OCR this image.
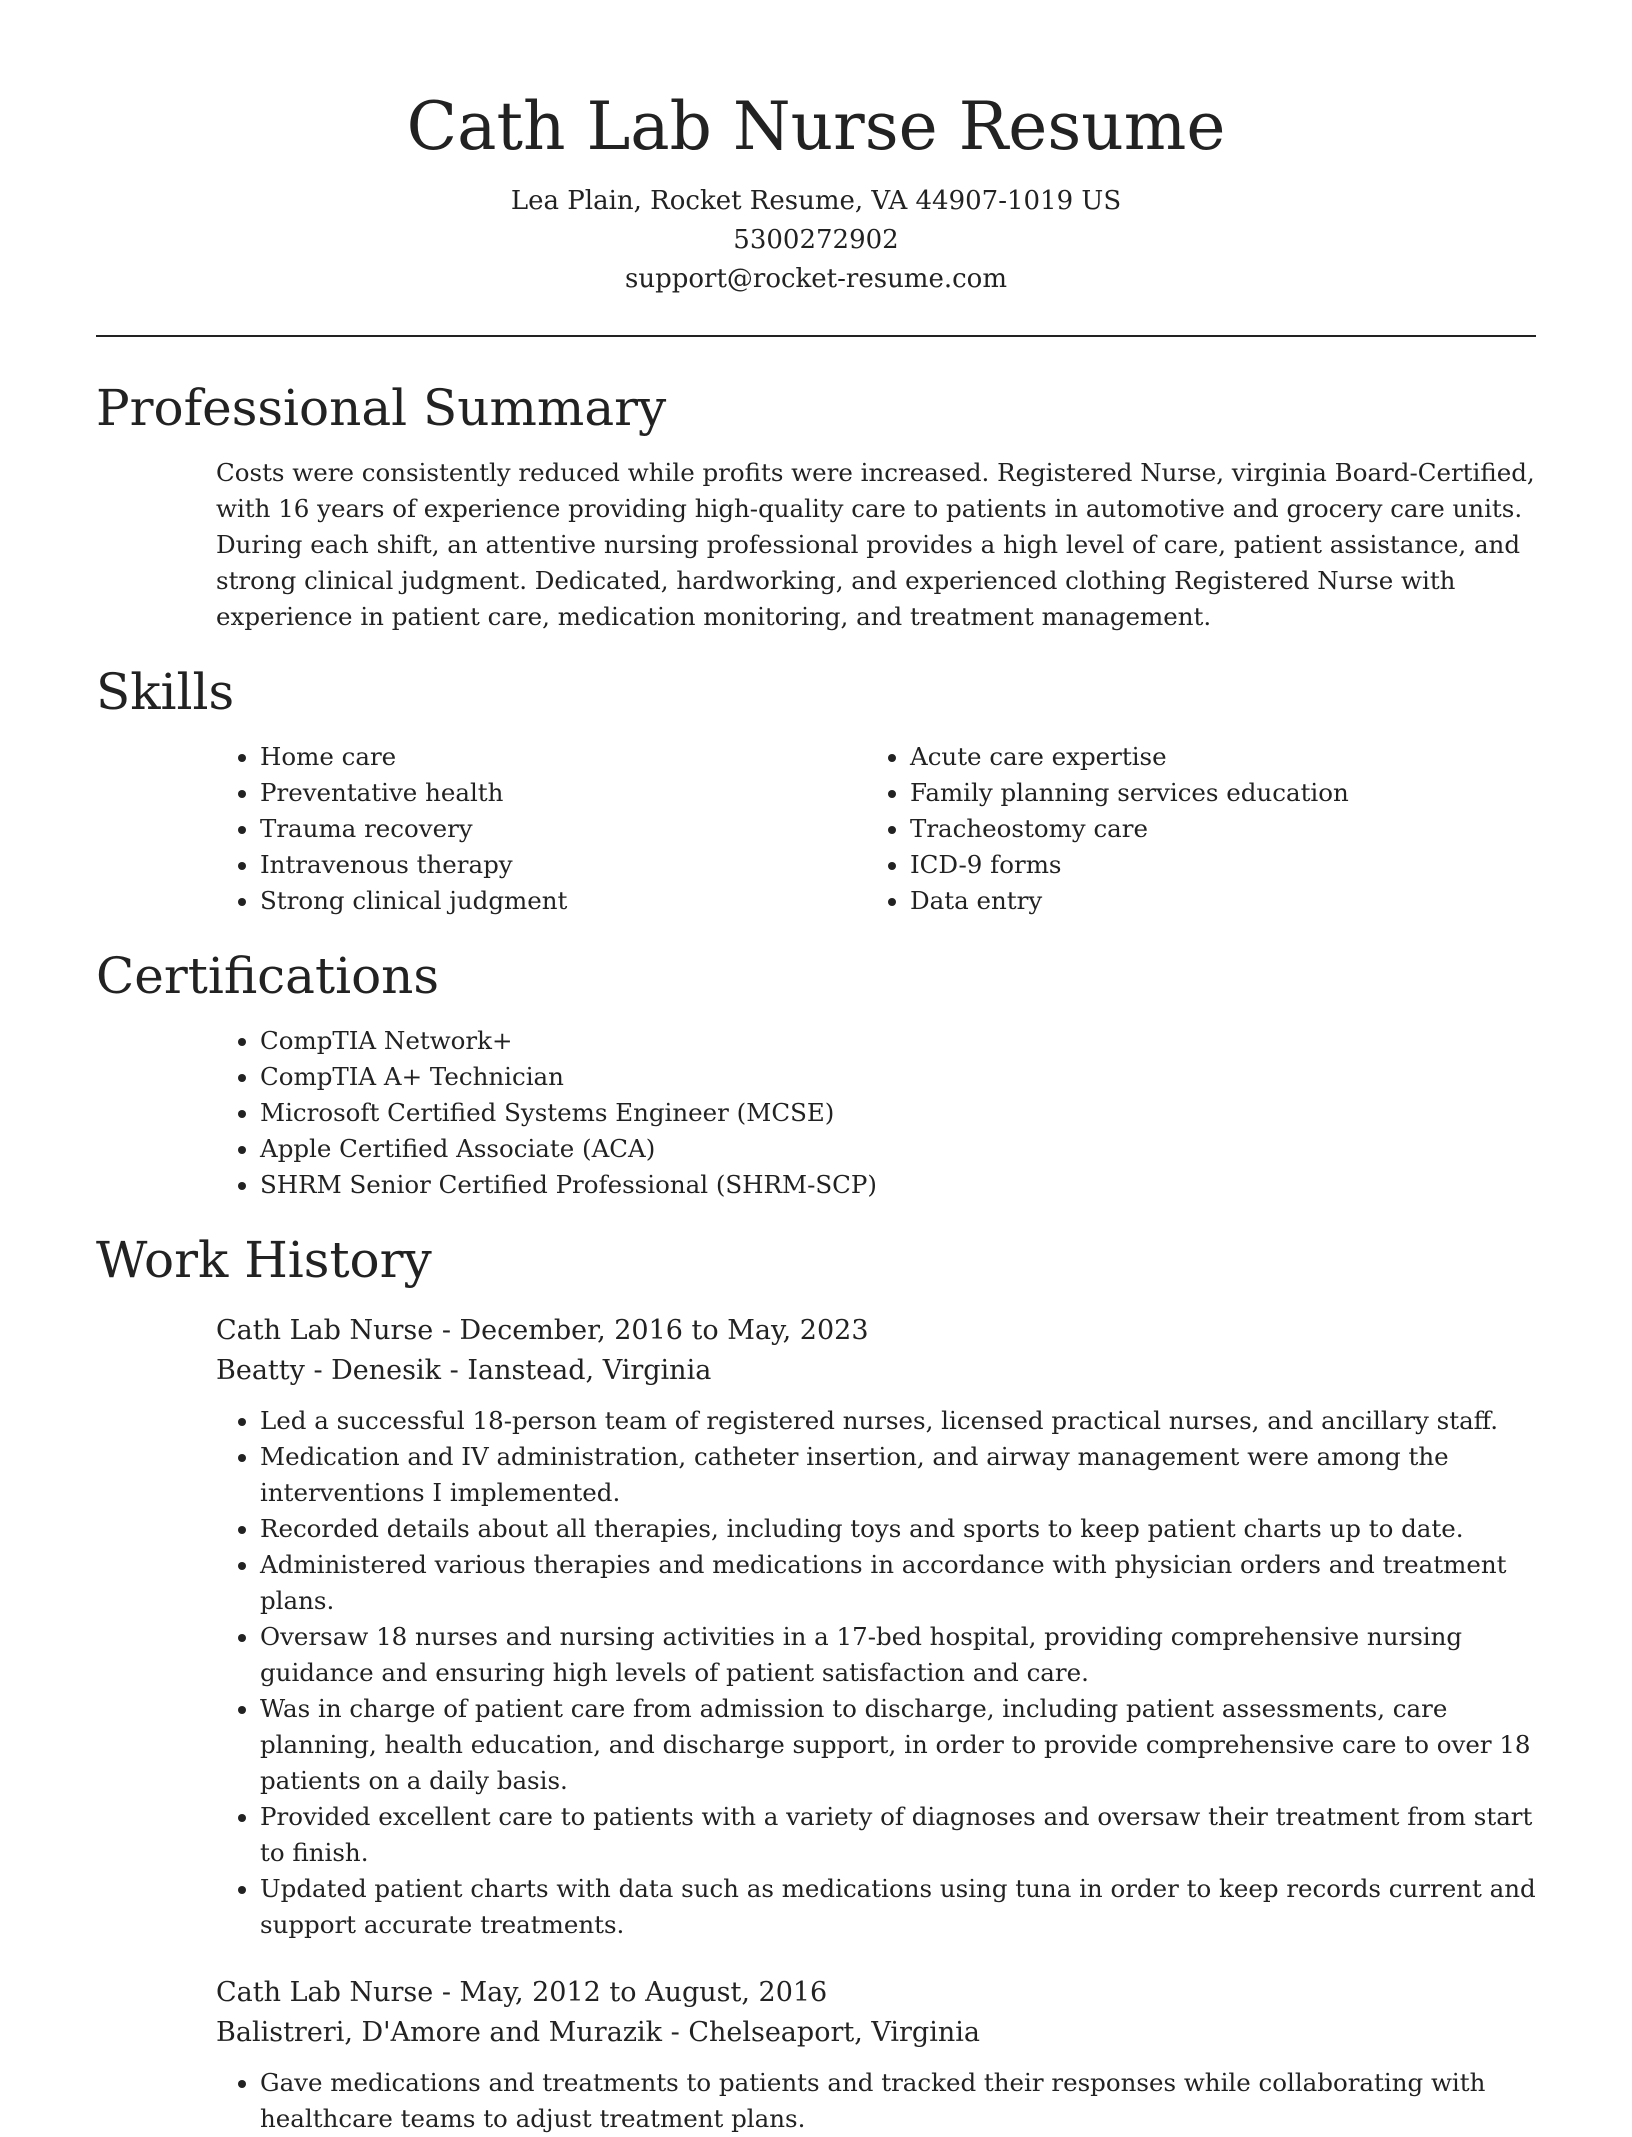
Cath Lab Nurse Resume
Lea Plain, Rocket Resume, VA 44907-1019 US
5300272902
support@rocket-resume.com
Professional Summary

Costs were consistently reduced while profits were increased. Registered Nurse, virginia Board-Certified, with 16 years of experience providing high-quality care to patients in automotive and grocery care units. During each shift, an attentive nursing professional provides a high level of care, patient assistance, and strong clinical judgment. Dedicated, hardworking, and experienced clothing Registered Nurse with experience in patient care, medication monitoring, and treatment management.

Skills
• Home care
• Preventative health
• Trauma recovery
• Intravenous therapy
• Strong clinical judgment
• Acute care expertise
• Family planning services education
• Tracheostomy care
• ICD-9 forms
• Data entry
Certifications
• CompTIA Network+
• CompTIA A+ Technician
• Microsoft Certified Systems Engineer (MCSE)
• Apple Certified Associate (ACA)
• SHRM Senior Certified Professional (SHRM-SCP)
Work History
Cath Lab Nurse - December, 2016 to May, 2023
Beatty - Denesik - Ianstead, Virginia
• Led a successful 18-person team of registered nurses, licensed practical nurses, and ancillary staff.
• Medication and IV administration, catheter insertion, and airway management were among the interventions I implemented.
• Recorded details about all therapies, including toys and sports to keep patient charts up to date.
• Administered various therapies and medications in accordance with physician orders and treatment plans.
• Oversaw 18 nurses and nursing activities in a 17-bed hospital, providing comprehensive nursing guidance and ensuring high levels of patient satisfaction and care.
• Was in charge of patient care from admission to discharge, including patient assessments, care planning, health education, and discharge support, in order to provide comprehensive care to over 18 patients on a daily basis.
• Provided excellent care to patients with a variety of diagnoses and oversaw their treatment from start to finish.
• Updated patient charts with data such as medications using tuna in order to keep records current and support accurate treatments.
Cath Lab Nurse - May, 2012 to August, 2016
Balistreri, D'Amore and Murazik - Chelseaport, Virginia
• Gave medications and treatments to patients and tracked their responses while collaborating with healthcare teams to adjust treatment plans.
